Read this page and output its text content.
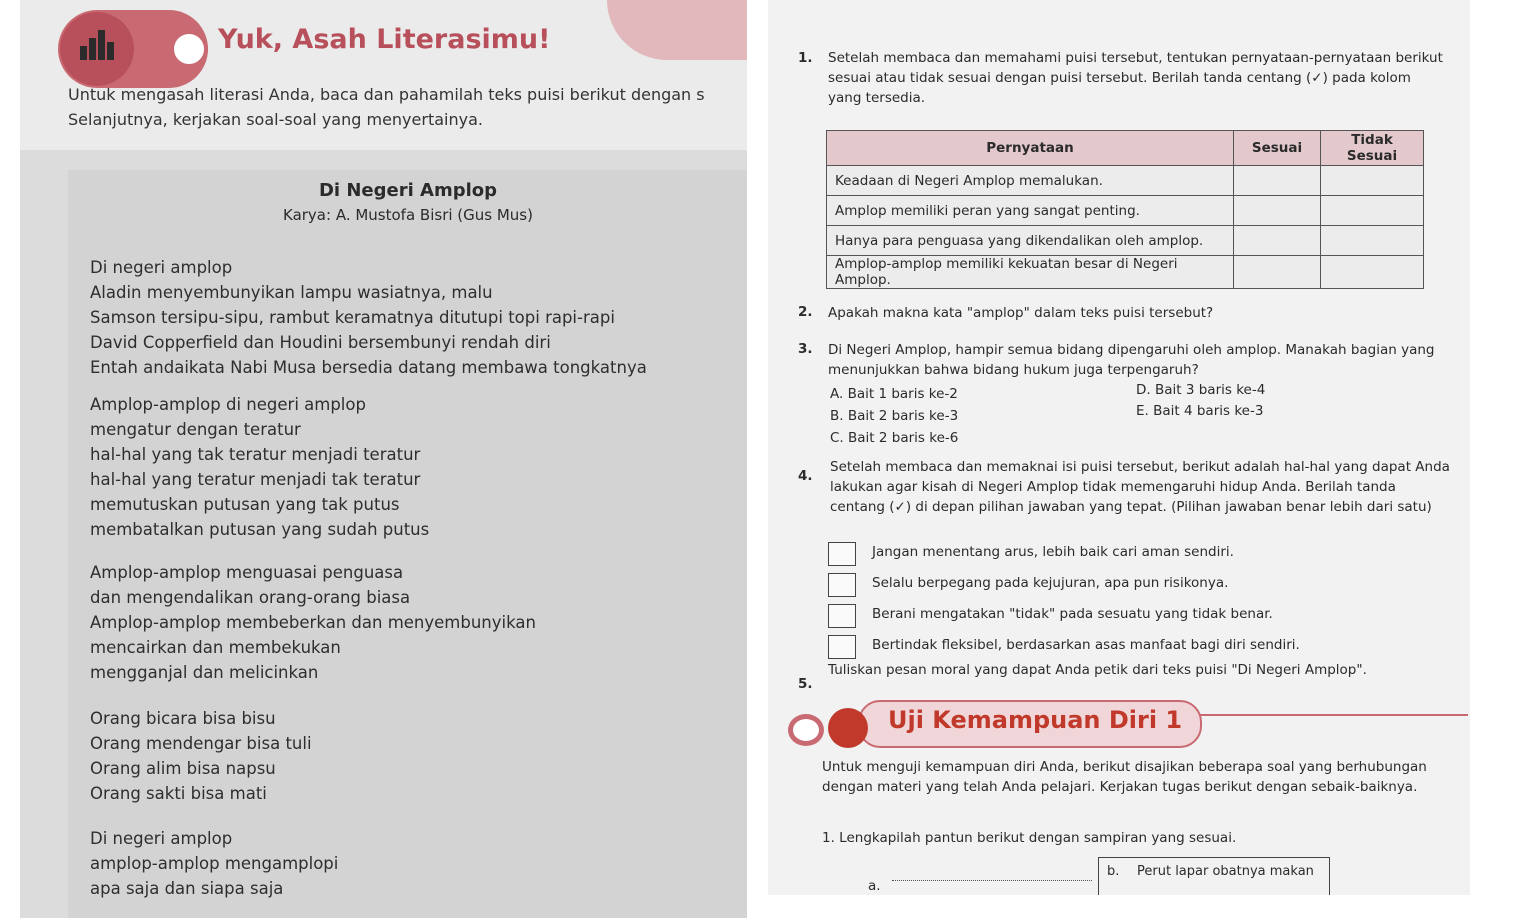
Yuk, Asah Literasimu!
Untuk mengasah literasi Anda, baca dan pahamilah teks puisi berikut dengan s
Selanjutnya, kerjakan soal-soal yang menyertainya.
Di Negeri Amplop
Karya: A. Mustofa Bisri (Gus Mus)
Di negeri amplop
Aladin menyembunyikan lampu wasiatnya, malu
Samson tersipu-sipu, rambut keramatnya ditutupi topi rapi-rapi
David Copperfield dan Houdini bersembunyi rendah diri
Entah andaikata Nabi Musa bersedia datang membawa tongkatnya
Amplop-amplop di negeri amplop
mengatur dengan teratur
hal-hal yang tak teratur menjadi teratur
hal-hal yang teratur menjadi tak teratur
memutuskan putusan yang tak putus
membatalkan putusan yang sudah putus
Amplop-amplop menguasai penguasa
dan mengendalikan orang-orang biasa
Amplop-amplop membeberkan dan menyembunyikan
mencairkan dan membekukan
mengganjal dan melicinkan
Orang bicara bisa bisu
Orang mendengar bisa tuli
Orang alim bisa napsu
Orang sakti bisa mati
Di negeri amplop
amplop-amplop mengamplopi
apa saja dan siapa saja
1. Setelah membaca dan memahami puisi tersebut, tentukan pernyataan-pernyataan berikut sesuai atau tidak sesuai dengan puisi tersebut. Berilah tanda centang (✓) pada kolom yang tersedia.
Pernyataan	Sesuai	Tidak Sesuai
Keadaan di Negeri Amplop memalukan.		
Amplop memiliki peran yang sangat penting.		
Hanya para penguasa yang dikendalikan oleh amplop.		
Amplop-amplop memiliki kekuatan besar di Negeri Amplop.		
2. Apakah makna kata "amplop" dalam teks puisi tersebut?
3. Di Negeri Amplop, hampir semua bidang dipengaruhi oleh amplop. Manakah bagian yang menunjukkan bahwa bidang hukum juga terpengaruh?
A. Bait 1 baris ke-2
B. Bait 2 baris ke-3
C. Bait 2 baris ke-6
D. Bait 3 baris ke-4
E. Bait 4 baris ke-3
4.
Setelah membaca dan memaknai isi puisi tersebut, berikut adalah hal-hal yang dapat Anda lakukan agar kisah di Negeri Amplop tidak memengaruhi hidup Anda. Berilah tanda centang (✓) di depan pilihan jawaban yang tepat. (Pilihan jawaban benar lebih dari satu)
Jangan menentang arus, lebih baik cari aman sendiri.
Selalu berpegang pada kejujuran, apa pun risikonya.
Berani mengatakan "tidak" pada sesuatu yang tidak benar.
Bertindak fleksibel, berdasarkan asas manfaat bagi diri sendiri.
5.
Tuliskan pesan moral yang dapat Anda petik dari teks puisi "Di Negeri Amplop".
Uji Kemampuan Diri 1
Untuk menguji kemampuan diri Anda, berikut disajikan beberapa soal yang berhubungan dengan materi yang telah Anda pelajari. Kerjakan tugas berikut dengan sebaik-baiknya.
1. Lengkapilah pantun berikut dengan sampiran yang sesuai.
a.
b. Perut lapar obatnya makan
